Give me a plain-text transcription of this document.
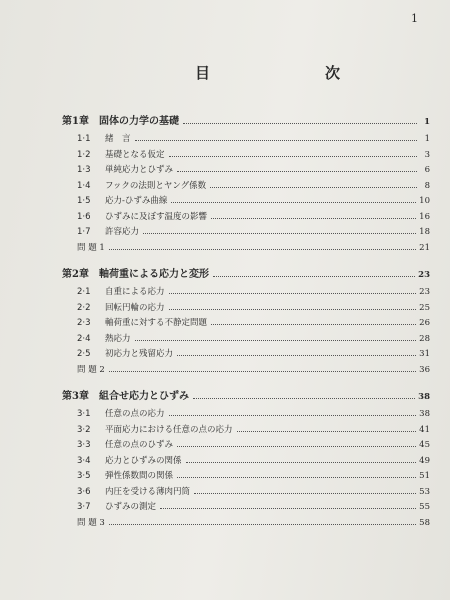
1
目　次
第1章　固体の力学の基礎	1
1·1 緒　言	1
1·2 基礎となる仮定	3
1·3 単純応力とひずみ	6
1·4 フックの法則とヤング係数	8
1·5 応力-ひずみ曲線	10
1·6 ひずみに及ぼす温度の影響	16
1·7 許容応力	18
問 題 1	21
第2章　軸荷重による応力と変形	23
2·1 自重による応力	23
2·2 回転円輪の応力	25
2·3 軸荷重に対する不静定問題	26
2·4 熱応力	28
2·5 初応力と残留応力	31
問 題 2	36
第3章　組合せ応力とひずみ	38
3·1 任意の点の応力	38
3·2 平面応力における任意の点の応力	41
3·3 任意の点のひずみ	45
3·4 応力とひずみの関係	49
3·5 弾性係数間の関係	51
3·6 内圧を受ける薄肉円筒	53
3·7 ひずみの測定	55
問 題 3	58
